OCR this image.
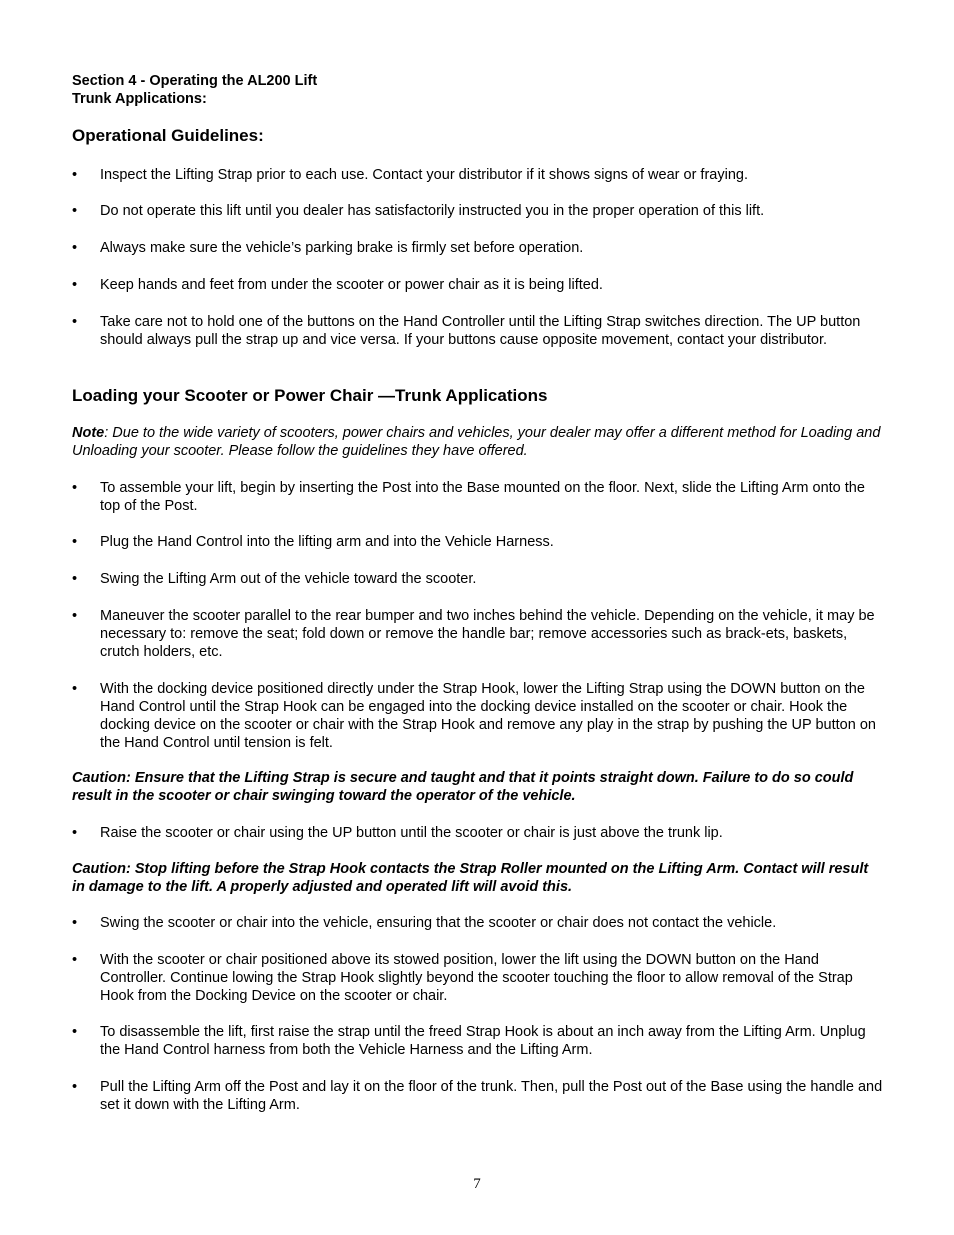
Section 4 - Operating the AL200 Lift
Trunk Applications:
Operational Guidelines:
•	Inspect the Lifting Strap prior to each use. Contact your distributor if it shows signs of wear or fraying.
•	Do not operate this lift until you dealer has satisfactorily instructed you in the proper operation of this lift.
•	Always make sure the vehicle’s parking brake is firmly set before operation.
•	Keep hands and feet from under the scooter or power chair as it is being lifted.
•	Take care not to hold one of the buttons on the Hand Controller until the Lifting Strap switches direction. The UP button should always pull the strap up and vice versa. If your buttons cause opposite movement, contact your distributor.
Loading your Scooter or Power Chair —Trunk Applications
Note: Due to the wide variety of scooters, power chairs and vehicles, your dealer may offer a different method for Loading and Unloading your scooter. Please follow the guidelines they have offered.
•	To assemble your lift, begin by inserting the Post into the Base mounted on the floor. Next, slide the Lifting Arm onto the top of the Post.
•	Plug the Hand Control into the lifting arm and into the Vehicle Harness.
•	Swing the Lifting Arm out of the vehicle toward the scooter.
•	Maneuver the scooter parallel to the rear bumper and two inches behind the vehicle. Depending on the vehicle, it may be necessary to: remove the seat; fold down or remove the handle bar; remove accessories such as brack-ets, baskets, crutch holders, etc.
•	With the docking device positioned directly under the Strap Hook, lower the Lifting Strap using the DOWN button on the Hand Control until the Strap Hook can be engaged into the docking device installed on the scooter or chair. Hook the docking device on the scooter or chair with the Strap Hook and remove any play in the strap by pushing the UP button on the Hand Control until tension is felt.
Caution: Ensure that the Lifting Strap is secure and taught and that it points straight down. Failure to do so could result in the scooter or chair swinging toward the operator of the vehicle.
•	Raise the scooter or chair using the UP button until the scooter or chair is just above the trunk lip.
Caution: Stop lifting before the Strap Hook contacts the Strap Roller mounted on the Lifting Arm. Contact will result in damage to the lift. A properly adjusted and operated lift will avoid this.
•	Swing the scooter or chair into the vehicle, ensuring that the scooter or chair does not contact the vehicle.
•	With the scooter or chair positioned above its stowed position, lower the lift using the DOWN button on the Hand Controller. Continue lowing the Strap Hook slightly beyond the scooter touching the floor to allow removal of the Strap Hook from the Docking Device on the scooter or chair.
•	To disassemble the lift, first raise the strap until the freed Strap Hook is about an inch away from the Lifting Arm. Unplug the Hand Control harness from both the Vehicle Harness and the Lifting Arm.
•	Pull the Lifting Arm off the Post and lay it on the floor of the trunk. Then, pull the Post out of the Base using the handle and set it down with the Lifting Arm.
7
